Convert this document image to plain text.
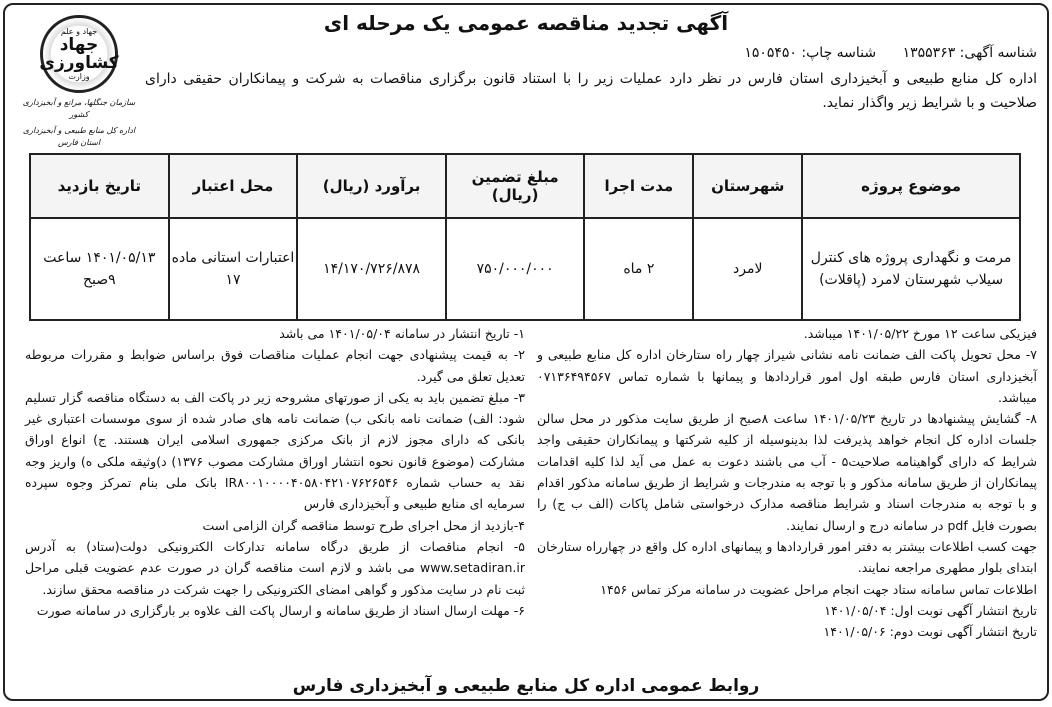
جهاد و علم
جهاد کشاورزی
وزارت
سازمان جنگلها، مراتع و آبخیزداری کشور
اداره کل منابع طبیعی و آبخیزداری استان فارس
آگهی تجدید مناقصه عمومی یک مرحله ای
شناسه آگهی: ۱۳۵۵۳۶۳ شناسه چاپ: ۱۵۰۵۴۵۰
اداره کل منابع طبیعی و آبخیزداری استان فارس در نظر دارد عملیات زیر را با استناد قانون برگزاری مناقصات به شرکت و پیمانکاران حقیقی دارای صلاحیت و با شرایط زیر واگذار نماید.
موضوع پروژه	شهرستان	مدت اجرا	مبلغ تضمین (ریال)	برآورد (ریال)	محل اعتبار	تاریخ بازدید
مرمت و نگهداری پروژه های کنترل سیلاب شهرستان لامرد (پاقلات)	لامرد	۲ ماه	۷۵۰/۰۰۰/۰۰۰	۱۴/۱۷۰/۷۲۶/۸۷۸	اعتبارات استانی ماده ۱۷	۱۴۰۱/۰۵/۱۳ ساعت ۹صبح

۱- تاریخ انتشار در سامانه ۱۴۰۱/۰۵/۰۴ می باشد

۲- به قیمت پیشنهادی جهت انجام عملیات مناقصات فوق براساس ضوابط و مقررات مربوطه تعدیل تعلق می گیرد.

۳- مبلغ تضمین باید به یکی از صورتهای مشروحه زیر در پاکت الف به دستگاه مناقصه گزار تسلیم شود: الف) ضمانت نامه بانکی ب) ضمانت نامه های صادر شده از سوی موسسات اعتباری غیر بانکی که دارای مجوز لازم از بانک مرکزی جمهوری اسلامی ایران هستند. ج) انواع اوراق مشارکت (موضوع قانون نحوه انتشار اوراق مشارکت مصوب ۱۳۷۶) د)وثیقه ملکی ه) واریز وجه نقد به حساب شماره IR۸۰۰۱۰۰۰۰۴۰۵۸۰۴۲۱۰۷۶۲۶۵۴۶ بانک ملی بنام تمرکز وجوه سپرده سرمایه ای منابع طبیعی و آبخیزداری فارس

۴-بازدید از محل اجرای طرح توسط مناقصه گران الزامی است

۵- انجام مناقصات از طریق درگاه سامانه تدارکات الکترونیکی دولت(ستاد) به آدرس www.setadiran.ir می باشد و لازم است مناقصه گران در صورت عدم عضویت قبلی مراحل ثبت نام در سایت مذکور و گواهی امضای الکترونیکی را جهت شرکت در مناقصه محقق سازند.

۶- مهلت ارسال اسناد از طریق سامانه و ارسال پاکت الف علاوه بر بارگزاری در سامانه صورت

فیزیکی ساعت ۱۲ مورخ ۱۴۰۱/۰۵/۲۲ میباشد.

۷- محل تحویل پاکت الف ضمانت نامه نشانی شیراز چهار راه ستارخان اداره کل منابع طبیعی و آبخیزداری استان فارس طبقه اول امور قراردادها و پیمانها با شماره تماس ۰۷۱۳۶۴۹۴۵۶۷ میباشد.

۸- گشایش پیشنهادها در تاریخ ۱۴۰۱/۰۵/۲۳ ساعت ۸صبح از طریق سایت مذکور در محل سالن جلسات اداره کل انجام خواهد پذیرفت لذا بدینوسیله از کلیه شرکتها و پیمانکاران حقیقی واجد شرایط که دارای گواهینامه صلاحیت۵ - آب می باشند دعوت به عمل می آید لذا کلیه اقدامات پیمانکاران از طریق سامانه مذکور و با توجه به مندرجات و شرایط از طریق سامانه مذکور اقدام و با توجه به مندرجات اسناد و شرایط مناقصه مدارک درخواستی شامل پاکات (الف ب ج) را بصورت فایل pdf در سامانه درج و ارسال نمایند.

جهت کسب اطلاعات بیشتر به دفتر امور قراردادها و پیمانهای اداره کل واقع در چهارراه ستارخان ابتدای بلوار مطهری مراجعه نمایند.

اطلاعات تماس سامانه ستاد جهت انجام مراحل عضویت در سامانه مرکز تماس ۱۴۵۶

تاریخ انتشار آگهی نوبت اول: ۱۴۰۱/۰۵/۰۴

تاریخ انتشار آگهی نوبت دوم: ۱۴۰۱/۰۵/۰۶

روابط عمومی اداره کل منابع طبیعی و آبخیزداری فارس
